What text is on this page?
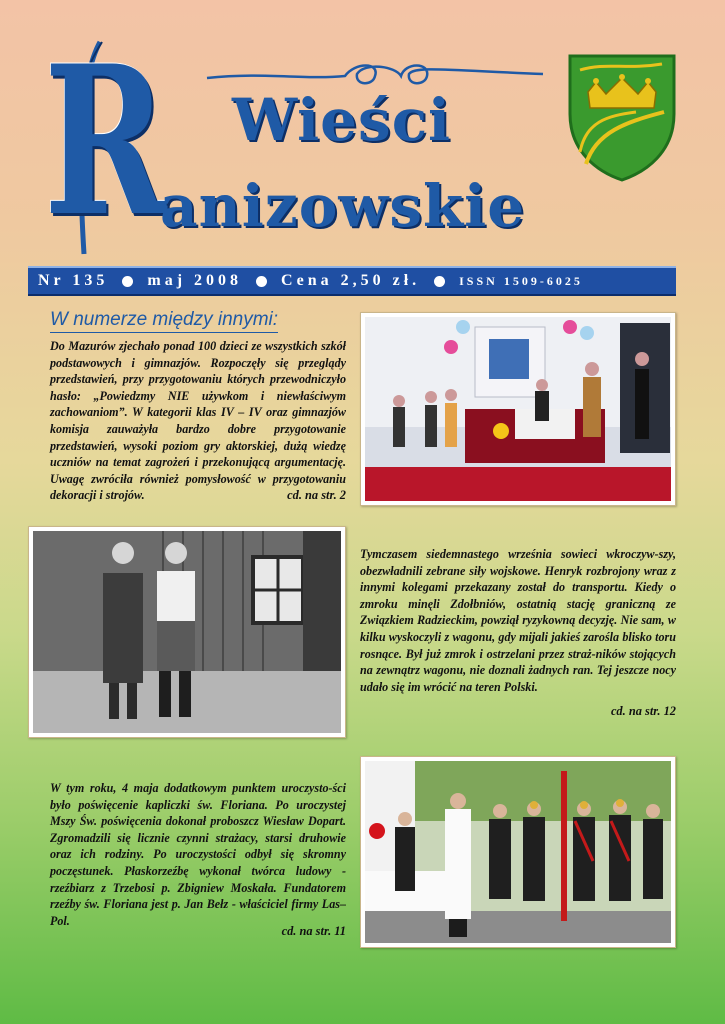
R Wieści
anizowskie
Nr 135 maj 2008 Cena 2,50 zł.	ISSN 1509-6025
W numerze między innymi:
Do Mazurów zjechało ponad 100 dzieci ze wszystkich szkół podstawowych i gimnazjów. Rozpoczęły się przeglądy przedstawień, przy przygotowaniu których przewodniczyło hasło: „Powiedzmy NIE używkom i niewłaściwym zachowaniom”. W kategorii klas IV – IV oraz gimnazjów komisja zauważyła bardzo dobre przygotowanie przedstawień, wysoki poziom gry aktorskiej, dużą wiedzę uczniów na temat zagrożeń i przekonującą argumentację. Uwagę zwróciła również pomysłowość w przygotowaniu dekoracji i strojów.	cd. na str. 2
Tymczasem siedemnastego września sowieci wkroczyw-szy, obezwładnili zebrane siły wojskowe. Henryk rozbrojony wraz z innymi kolegami przekazany został do transportu. Kiedy o zmroku minęli Zdołbniów, ostatnią stację graniczną ze Związkiem Radzieckim, powziął ryzykowną decyzję. Nie sam, w kilku wyskoczyli z wagonu, gdy mijali jakieś zarośla blisko toru rosnące. Był już zmrok i ostrzelani przez straż-ników stojących na zewnątrz wagonu, nie doznali żadnych ran. Tej jeszcze nocy udało się im wrócić na teren Polski.
cd. na str. 12
W tym roku, 4 maja dodatkowym punktem uroczysto-ści było poświęcenie kapliczki św. Floriana. Po uroczystej Mszy Św. poświęcenia dokonał proboszcz Wiesław Dopart. Zgromadzili się licznie czynni strażacy, starsi druhowie oraz ich rodziny. Po uroczystości odbył się skromny poczęstunek. Płaskorzeźbę wykonał twórca ludowy - rzeźbiarz z Trzebosi p. Zbigniew Moskała. Fundatorem rzeźby św. Floriana jest p. Jan Bełz - właściciel firmy Las–Pol.
cd. na str. 11
